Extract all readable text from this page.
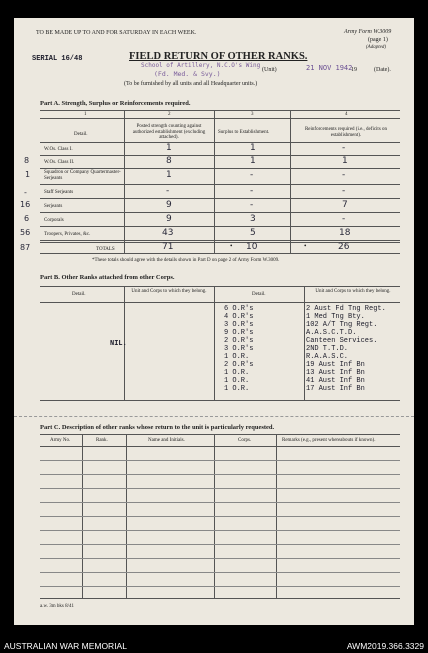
TO BE MADE UP TO AND FOR SATURDAY IN EACH WEEK.	Army Form W.3009
(page 1)
(Adapted)
SERIAL 16/48	FIELD RETURN OF OTHER RANKS.
School of Artillery, N.C.O's Wing
(Fd. Med. & Svy.)	(Unit)	21 NOV 1942
19	(Date).
(To be furnished by all units and all Headquarter units.)
Part A. Strength, Surplus or Reinforcements required.
1	2	3	4
Detail.
Posted strength counting against authorized establishment (excluding attached).
Surplus to Establishment.
Reinforcements required (i.e., deficits on establishment).
W.Os. Class I.	1	1	-
8	W.Os. Class II.	8	1	1
1	Squadron or Company Quartermaster-Serjeants	1	-	-
-	Staff Serjeants	-	-	-
16	Serjeants	9	-	7
6	Corporals	9	3	-
56	Troopers, Privates, &c.	43	5	18
87	TOTALS	71	• 10	•	26
*These totals should agree with the details shown in Part D on page 2 of Army Form W.3009.
Part B. Other Ranks attached from other Corps.
Detail.
Unit and Corps to which they belong.
Detail.
Unit and Corps to which they belong.
NIL.
6 O.R's	2 Aust Fd Tng Regt.
4 O.R's	1 Med Tng Bty.
3 O.R's	102 A/T Tng Regt.
9 O.R's	A.A.S.C.T.D.
2 O.R's	Canteen Services.
3 O.R's	2ND T.T.D.
1 O.R.	R.A.A.S.C.
2 O.R's	19 Aust Inf Bn
1 O.R.	13 Aust Inf Bn
1 O.R.	41 Aust Inf Bn
1 O.R.	17 Aust Inf Bn
Part C. Description of other ranks whose return to the unit is particularly requested.
Army No.	Rank.	Name and Initials.	Corps.	Remarks (e.g., present whereabouts if known).
a.w. 3m bks 8/41
AUSTRALIAN WAR MEMORIAL	AWM2019.366.3329
